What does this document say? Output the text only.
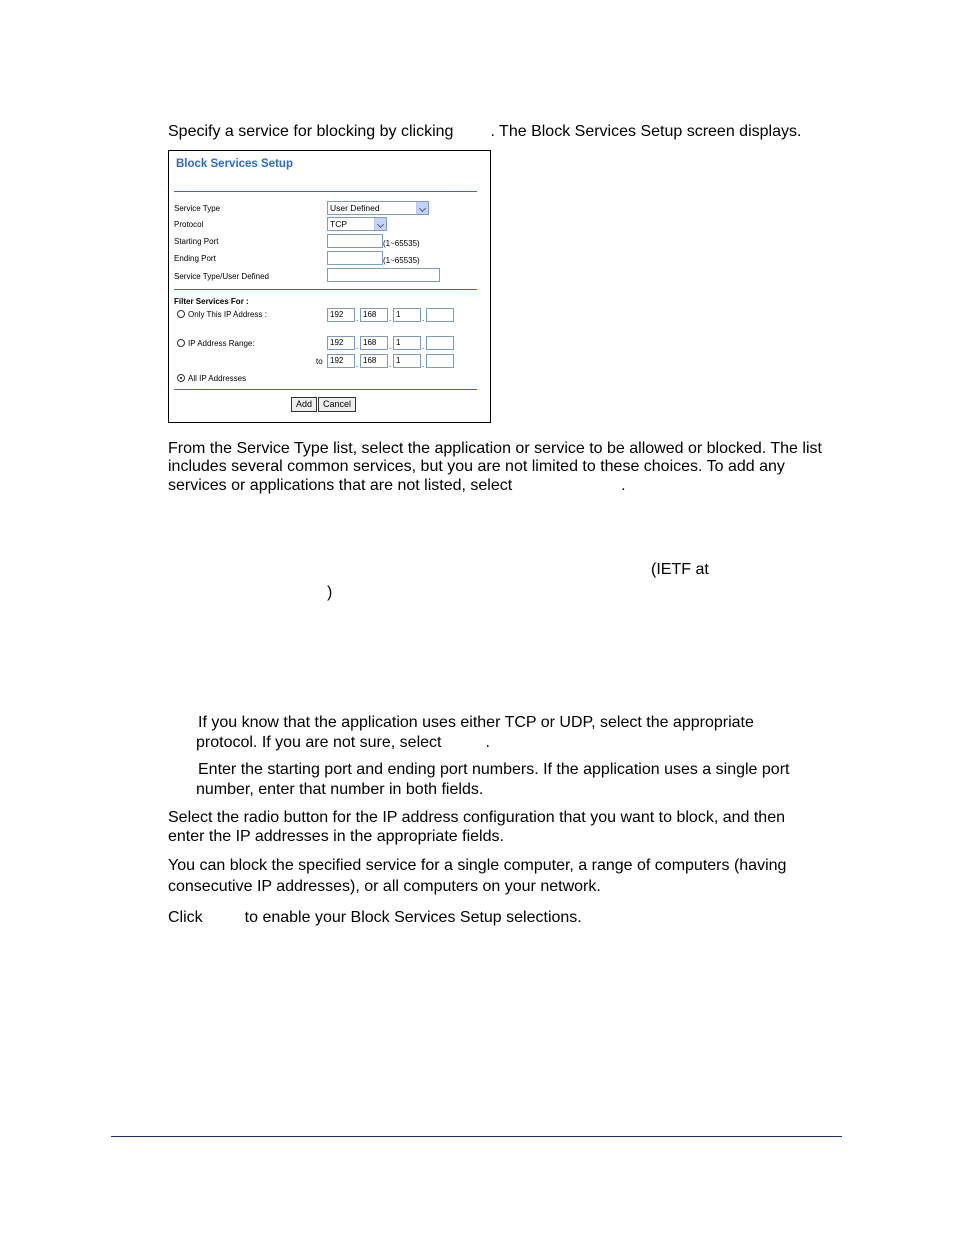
Specify a service for blocking by clicking . The Block Services Setup screen displays.
Block Services Setup
Service Type	User Defined
Protocol	TCP
Starting Port	(1~65535)
Ending Port	(1~65535)
Service Type/User Defined
Filter Services For :
Only This IP Address :	192	. 168	. 1	.
IP Address Range:	192	. 168	. 1	.
to 192	. 168	. 1	.
All IP Addresses
Add	Cancel
From the Service Type list, select the application or service to be allowed or blocked. The list
includes several common services, but you are not limited to these choices. To add any
services or applications that are not listed, select	.
(IETF at
)
If you know that the application uses either TCP or UDP, select the appropriate
protocol. If you are not sure, select	.
Enter the starting port and ending port numbers. If the application uses a single port
number, enter that number in both fields.
Select the radio button for the IP address configuration that you want to block, and then
enter the IP addresses in the appropriate fields.
You can block the specified service for a single computer, a range of computers (having
consecutive IP addresses), or all computers on your network.
Click	to enable your Block Services Setup selections.
